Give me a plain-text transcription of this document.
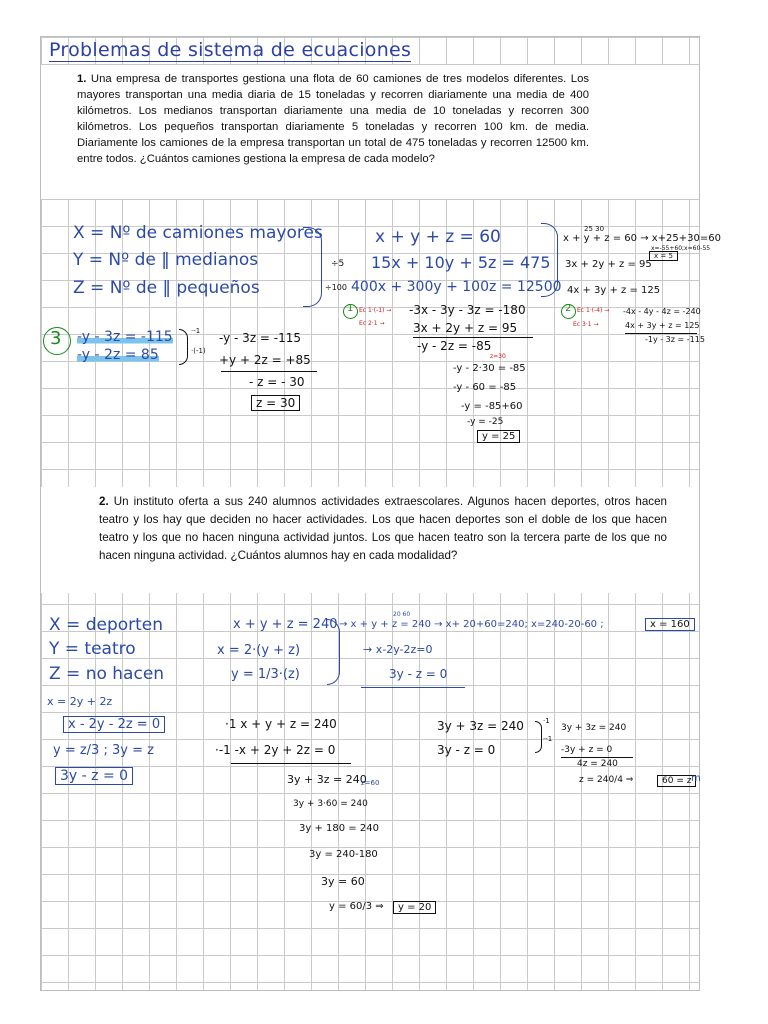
Problemas de sistema de ecuaciones
1. Una empresa de transportes gestiona una flota de 60 camiones de tres modelos diferentes. Los mayores transportan una media diaria de 15 toneladas y recorren diariamente una media de 400 kilómetros. Los medianos transportan diariamente una media de 10 toneladas y recorren 300 kilómetros. Los pequeños transportan diariamente 5 toneladas y recorren 100 km. de media. Diariamente los camiones de la empresa transportan un total de 475 toneladas y recorren 12500 km. entre todos. ¿Cuántos camiones gestiona la empresa de cada modelo?
X = Nº de camiones mayores
Y = Nº de ‖ medianos
Z = Nº de ‖ pequeños
x + y + z = 60
÷5 15x + 10y + 5z = 475
÷100 400x + 300y + 100z = 12500
25 30
x + y + z = 60 → x+25+30=60
x=-55+60;x=60-55
x = 5
3x + 2y + z = 95
4x + 3y + z = 125
1 Ec 1·(-1) →
Ec 2·1 →
-3x - 3y - 3z = -180
3x + 2y + z = 95
-y - 2z = -85
z=30
-y - 2·30 = -85
-y - 60 = -85
-y = -85+60
-y = -25
y = 25
2 Ec 1·(-4) →
Ec 3·1 →
-4x - 4y - 4z = -240
4x + 3y + z = 125
-1y - 3z = -115
3 -y - 3z = -115
-y - 2z = 85
·-1
·(-1)
-y - 3z = -115
+y + 2z = +85
- z = - 30
z = 30
2. Un instituto oferta a sus 240 alumnos actividades extraescolares. Algunos hacen deportes, otros hacen teatro y los hay que deciden no hacer actividades. Los que hacen deportes son el doble de los que hacen teatro y los que no hacen ninguna actividad juntos. Los que hacen teatro son la tercera parte de los que no hacen ninguna actividad. ¿Cuántos alumnos hay en cada modalidad?
X = deporten
Y = teatro
Z = no hacen
x + y + z = 240
x = 2·(y + z)
y = 1/3·(z)
20 60
→ x + y + z = 240 → x+ 20+60=240; x=240-20-60 ;	x = 160
→ x-2y-2z=0
3y - z = 0
x = 2y + 2z
x - 2y - 2z = 0
y = z/3 ; 3y = z
3y - z = 0
·1 x + y + z = 240
·-1 -x + 2y + 2z = 0
3y + 3z = 240
z=60
3y + 3·60 = 240
3y + 180 = 240
3y = 240-180
3y = 60
y = 60/3 ⇒	y = 20
3y + 3z = 240
3y - z = 0
·1
·-1
3y + 3z = 240
-3y + z = 0
4z = 240
z = 240/4 ⇒	60 = z m
